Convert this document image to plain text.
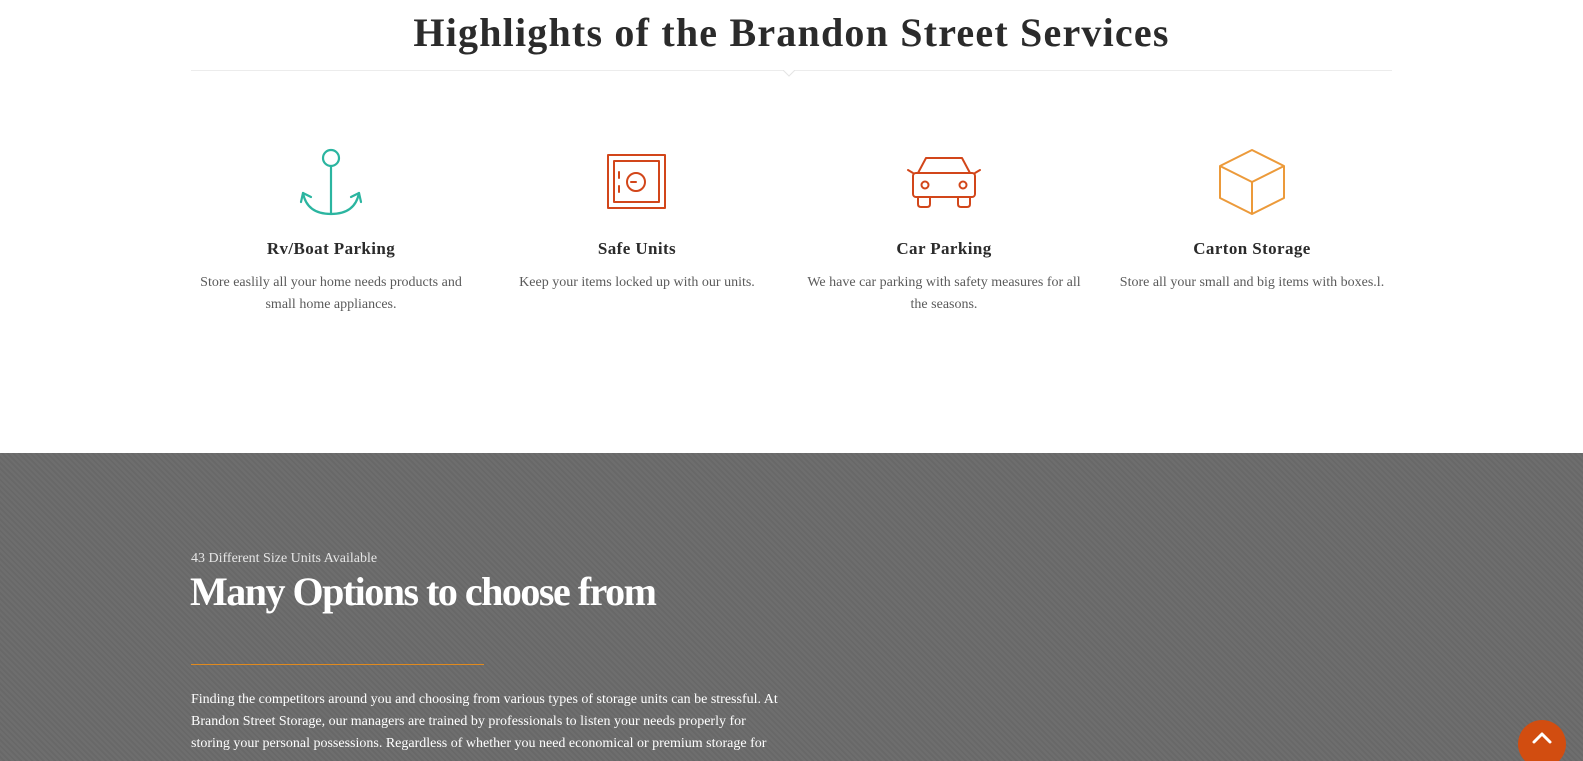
Highlights of the Brandon Street Services
Rv/Boat Parking
Store easlily all your home needs products and small home appliances.
Safe Units
Keep your items locked up with our units.
Car Parking
We have car parking with safety measures for all the seasons.
Carton Storage
Store all your small and big items with boxes.l.
43 Different Size Units Available
Many Options to choose from

Finding the competitors around you and choosing from various types of storage units can be stressful. At Brandon Street Storage, our managers are trained by professionals to listen your needs properly for storing your personal possessions. Regardless of whether you need economical or premium storage for
